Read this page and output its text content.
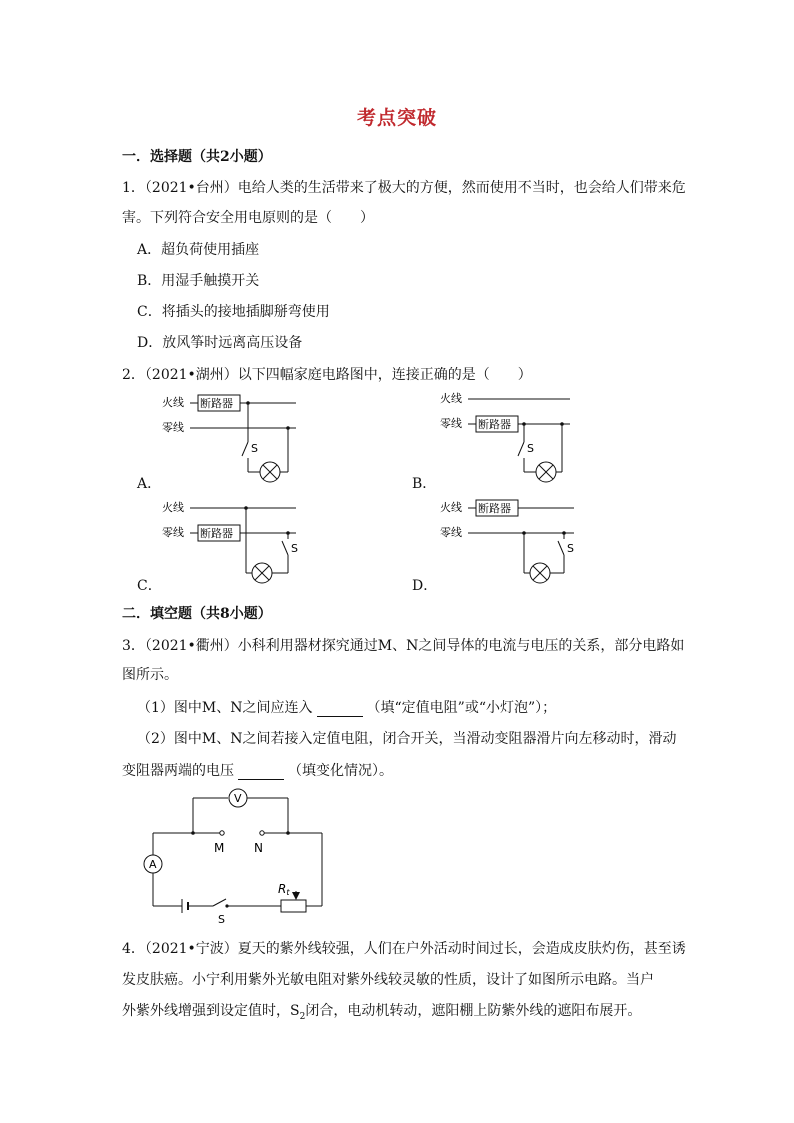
考点突破
一．选择题（共2小题）
1．（2021•台州）电给人类的生活带来了极大的方便，然而使用不当时，也会给人们带来危
害。下列符合安全用电原则的是（　　）
A．超负荷使用插座
B．用湿手触摸开关
C．将插头的接地插脚掰弯使用
D．放风筝时远离高压设备
2．（2021•湖州）以下四幅家庭电路图中，连接正确的是（　　）
火线
零线
断路器
S
A．
火线
零线 断路器
S
B．
火线
零线 断路器
S
C．
火线
零线
断路器
S
D．
二．填空题（共8小题）
3．（2021•衢州）小科利用器材探究通过M、N之间导体的电流与电压的关系，部分电路如
图所示。
（1）图中M、N之间应连入	（填“定值电阻”或“小灯泡”）；
（2）图中M、N之间若接入定值电阻，闭合开关，当滑动变阻器滑片向左移动时，滑动
变阻器两端的电压	（填变化情况）。
V
M N
A
S
Rt
4．（2021•宁波）夏天的紫外线较强，人们在户外活动时间过长，会造成皮肤灼伤，甚至诱
发皮肤癌。小宁利用紫外光敏电阻对紫外线较灵敏的性质，设计了如图所示电路。当户
外紫外线增强到设定值时，$S_2$闭合，电动机转动，遮阳棚上防紫外线的遮阳布展开。
